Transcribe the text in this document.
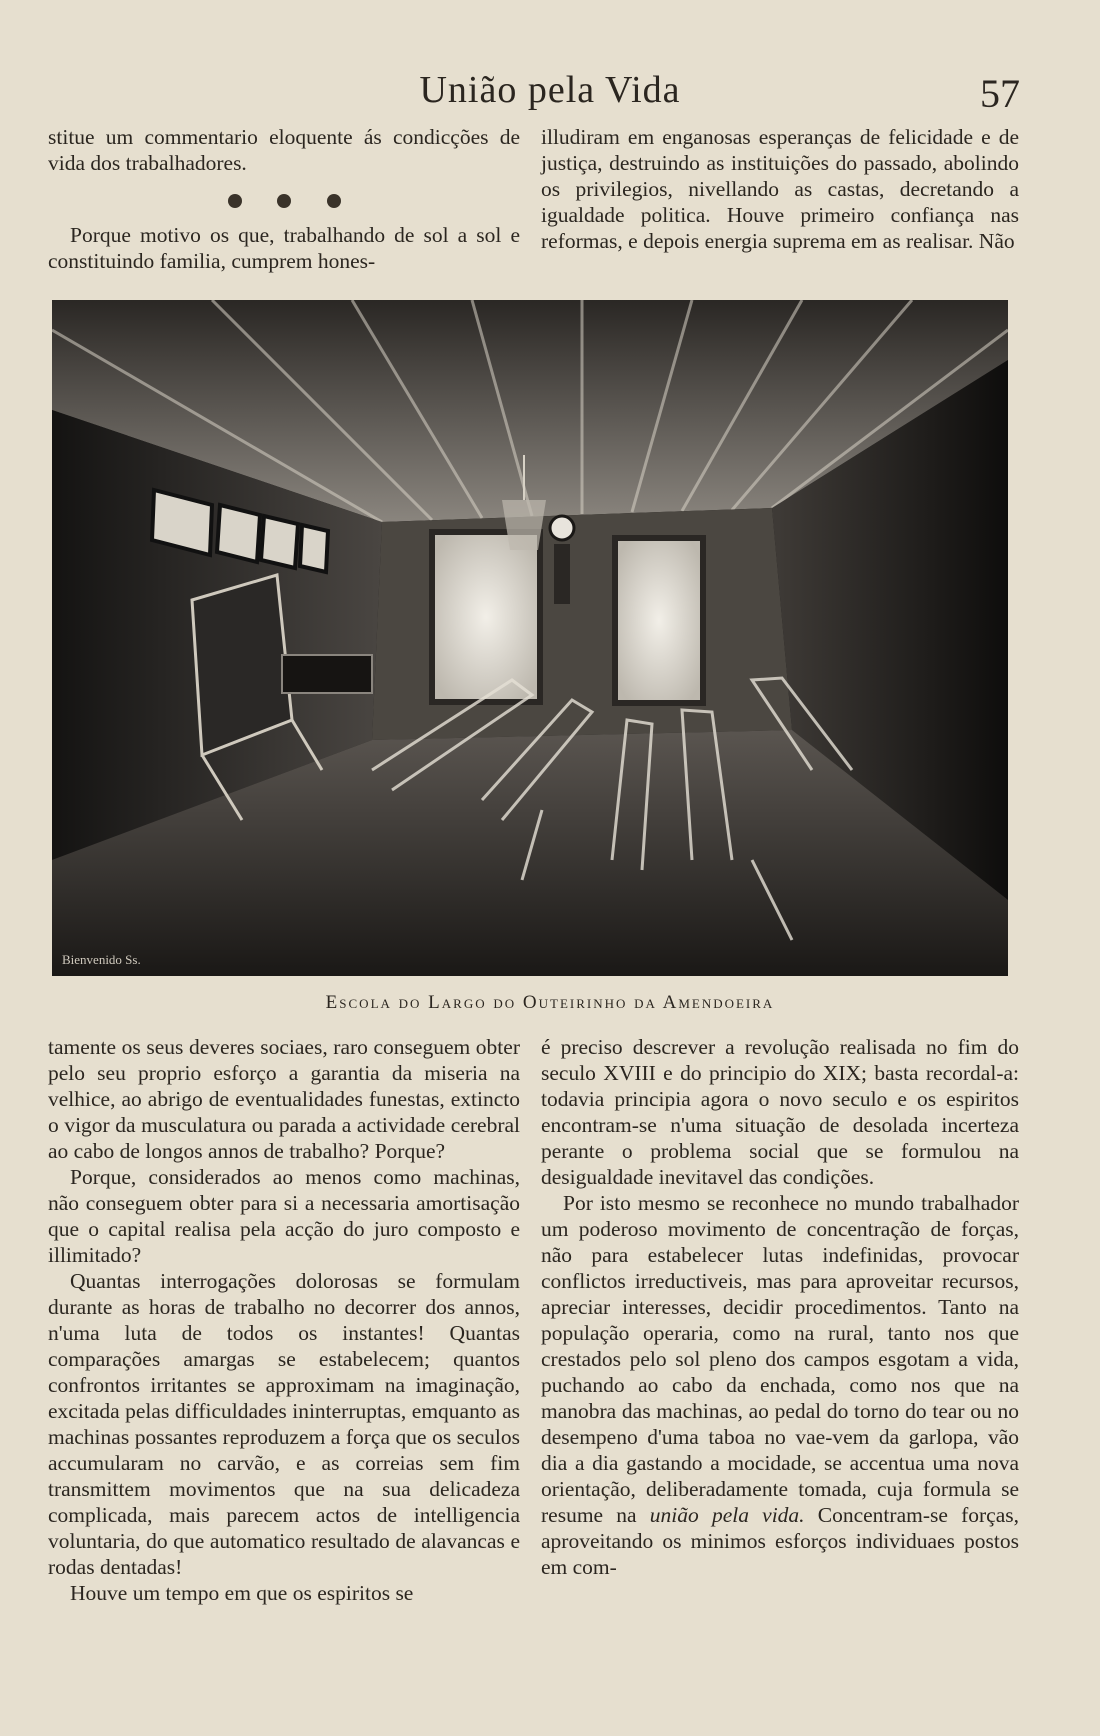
União pela Vida	57

stitue um commentario eloquente ás condicções de vida dos trabalhadores.

Porque motivo os que, trabalhando de sol a sol e constituindo familia, cumprem hones-

illudiram em enganosas esperanças de felicidade e de justiça, destruindo as instituições do passado, abolindo os privilegios, nivellando as castas, decretando a igualdade politica. Houve primeiro confiança nas reformas, e depois energia suprema em as realisar. Não

Bienvenido Ss.
Escola do Largo do Outeirinho da Amendoeira

tamente os seus deveres sociaes, raro conseguem obter pelo seu proprio esforço a garantia da miseria na velhice, ao abrigo de eventualidades funestas, extincto o vigor da musculatura ou parada a actividade cerebral ao cabo de longos annos de trabalho? Porque?

Porque, considerados ao menos como machinas, não conseguem obter para si a necessaria amortisação que o capital realisa pela acção do juro composto e illimitado?

Quantas interrogações dolorosas se formulam durante as horas de trabalho no decorrer dos annos, n'uma luta de todos os instantes! Quantas comparações amargas se estabelecem; quantos confrontos irritantes se approximam na imaginação, excitada pelas difficuldades ininterruptas, emquanto as machinas possantes reproduzem a força que os seculos accumularam no carvão, e as correias sem fim transmittem movimentos que na sua delicadeza complicada, mais parecem actos de intelligencia voluntaria, do que automatico resultado de alavancas e rodas dentadas!

Houve um tempo em que os espiritos se

é preciso descrever a revolução realisada no fim do seculo XVIII e do principio do XIX; basta recordal-a: todavia principia agora o novo seculo e os espiritos encontram-se n'uma situação de desolada incerteza perante o problema social que se formulou na desigualdade inevitavel das condições.

Por isto mesmo se reconhece no mundo trabalhador um poderoso movimento de concentração de forças, não para estabelecer lutas indefinidas, provocar conflictos irreductiveis, mas para aproveitar recursos, apreciar interesses, decidir procedimentos. Tanto na população operaria, como na rural, tanto nos que crestados pelo sol pleno dos campos esgotam a vida, puchando ao cabo da enchada, como nos que na manobra das machinas, ao pedal do torno do tear ou no desempeno d'uma taboa no vae-vem da garlopa, vão dia a dia gastando a mocidade, se accentua uma nova orientação, deliberadamente tomada, cuja formula se resume na união pela vida. Concentram-se forças, aproveitando os minimos esforços individuaes postos em com-
